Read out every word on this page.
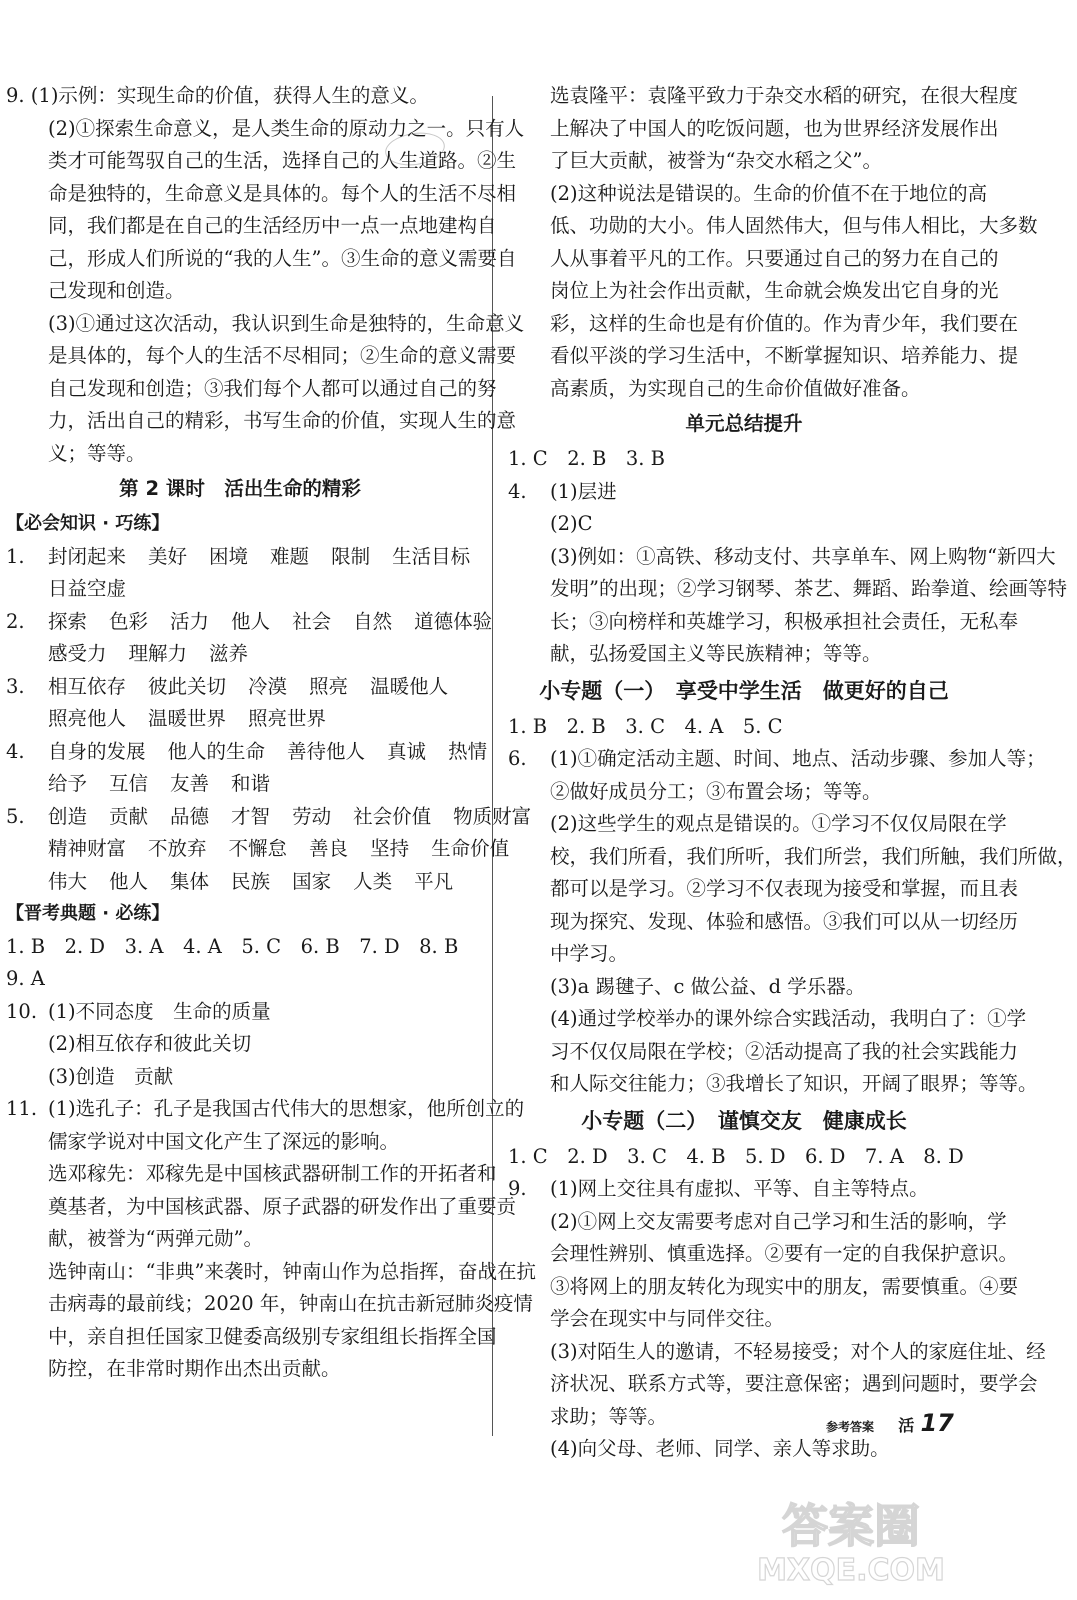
9. (1)示例：实现生命的价值，获得人生的意义。
(2)①探索生命意义，是人类生命的原动力之一。只有人
类才可能驾驭自己的生活，选择自己的人生道路。②生
命是独特的，生命意义是具体的。每个人的生活不尽相
同，我们都是在自己的生活经历中一点一点地建构自
己，形成人们所说的“我的人生”。③生命的意义需要自
己发现和创造。
(3)①通过这次活动，我认识到生命是独特的，生命意义
是具体的，每个人的生活不尽相同；②生命的意义需要
自己发现和创造；③我们每个人都可以通过自己的努
力，活出自己的精彩，书写生命的价值，实现人生的意
义；等等。
第 2 课时　活出生命的精彩
【必会知识 · 巧练】
1. 封闭起来 美好 困境 难题 限制 生活目标
日益空虚
2. 探索 色彩 活力 他人 社会 自然 道德体验
感受力 理解力 滋养
3. 相互依存 彼此关切 冷漠 照亮 温暖他人
照亮他人 温暖世界 照亮世界
4. 自身的发展 他人的生命 善待他人 真诚 热情
给予 互信 友善 和谐
5. 创造 贡献 品德 才智 劳动 社会价值 物质财富
精神财富 不放弃 不懈怠 善良 坚持 生命价值
伟大 他人 集体 民族 国家 人类 平凡
【晋考典题 · 必练】
1. B　2. D　3. A　4. A　5. C　6. B　7. D　8. B
9. A
10. (1)不同态度　生命的质量
(2)相互依存和彼此关切
(3)创造　贡献
11. (1)选孔子：孔子是我国古代伟大的思想家，他所创立的
儒家学说对中国文化产生了深远的影响。
选邓稼先：邓稼先是中国核武器研制工作的开拓者和
奠基者，为中国核武器、原子武器的研发作出了重要贡
献，被誉为“两弹元勋”。
选钟南山：“非典”来袭时，钟南山作为总指挥，奋战在抗
击病毒的最前线；2020 年，钟南山在抗击新冠肺炎疫情
中，亲自担任国家卫健委高级别专家组组长指挥全国
防控，在非常时期作出杰出贡献。
选袁隆平：袁隆平致力于杂交水稻的研究，在很大程度
上解决了中国人的吃饭问题，也为世界经济发展作出
了巨大贡献，被誉为“杂交水稻之父”。
(2)这种说法是错误的。生命的价值不在于地位的高
低、功勋的大小。伟人固然伟大，但与伟人相比，大多数
人从事着平凡的工作。只要通过自己的努力在自己的
岗位上为社会作出贡献，生命就会焕发出它自身的光
彩，这样的生命也是有价值的。作为青少年，我们要在
看似平淡的学习生活中，不断掌握知识、培养能力、提
高素质，为实现自己的生命价值做好准备。
单元总结提升
1. C　2. B　3. B
4. (1)层进
(2)C
(3)例如：①高铁、移动支付、共享单车、网上购物“新四大
发明”的出现；②学习钢琴、茶艺、舞蹈、跆拳道、绘画等特
长；③向榜样和英雄学习，积极承担社会责任，无私奉
献，弘扬爱国主义等民族精神；等等。
小专题（一）　享受中学生活　做更好的自己
1. B　2. B　3. C　4. A　5. C
6. (1)①确定活动主题、时间、地点、活动步骤、参加人等；
②做好成员分工；③布置会场；等等。
(2)这些学生的观点是错误的。①学习不仅仅局限在学
校，我们所看，我们所听，我们所尝，我们所触，我们所做，
都可以是学习。②学习不仅表现为接受和掌握，而且表
现为探究、发现、体验和感悟。③我们可以从一切经历
中学习。
(3)a 踢毽子、c 做公益、d 学乐器。
(4)通过学校举办的课外综合实践活动，我明白了：①学
习不仅仅局限在学校；②活动提高了我的社会实践能力
和人际交往能力；③我增长了知识，开阔了眼界；等等。
小专题（二）　谨慎交友　健康成长
1. C　2. D　3. C　4. B　5. D　6. D　7. A　8. D
9. (1)网上交往具有虚拟、平等、自主等特点。
(2)①网上交友需要考虑对自己学习和生活的影响，学
会理性辨别、慎重选择。②要有一定的自我保护意识。
③将网上的朋友转化为现实中的朋友，需要慎重。④要
学会在现实中与同伴交往。
(3)对陌生人的邀请，不轻易接受；对个人的家庭住址、经
济状况、联系方式等，要注意保密；遇到问题时，要学会
求助；等等。
(4)向父母、老师、同学、亲人等求助。
参考答案 活 17
答案圈
MXQE.COM
